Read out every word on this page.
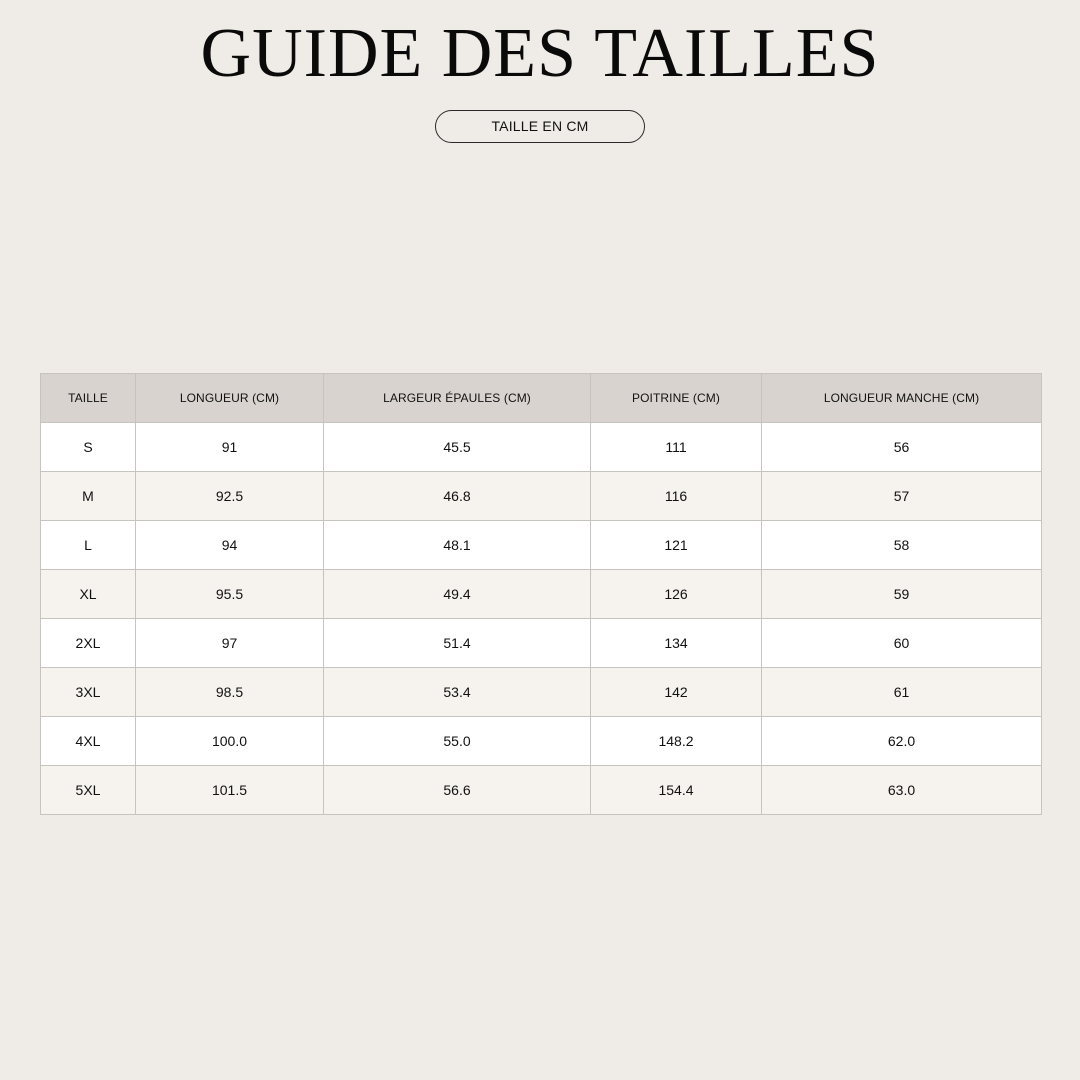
GUIDE DES TAILLES
TAILLE EN CM
TAILLE	LONGUEUR (CM)	LARGEUR ÉPAULES (CM)	POITRINE (CM)	LONGUEUR MANCHE (CM)
S	91	45.5	111	56
M	92.5	46.8	116	57
L	94	48.1	121	58
XL	95.5	49.4	126	59
2XL	97	51.4	134	60
3XL	98.5	53.4	142	61
4XL	100.0	55.0	148.2	62.0
5XL	101.5	56.6	154.4	63.0
